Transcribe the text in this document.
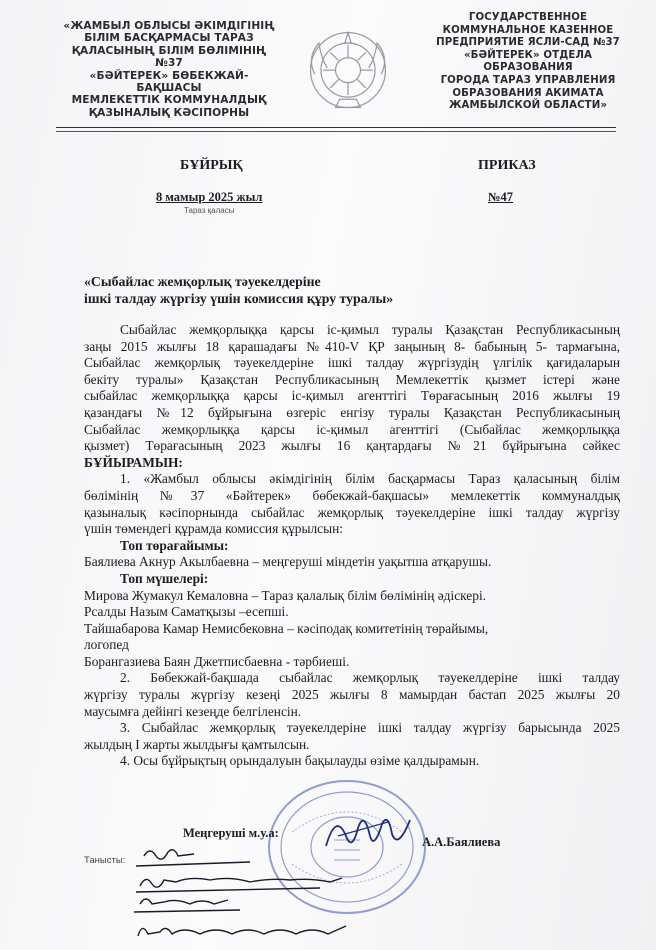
«ЖАМБЫЛ ОБЛЫСЫ ӘКІМДІГІНІҢ
БІЛІМ БАСҚАРМАСЫ ТАРАЗ
ҚАЛАСЫНЫҢ БІЛІМ БӨЛІМІНІҢ №37
«БӘЙТЕРЕК» БӨБЕКЖАЙ-БАҚШАСЫ
МЕМЛЕКЕТТІК КОММУНАЛДЫҚ
ҚАЗЫНАЛЫҚ КӘСІПОРНЫ
ГОСУДАРСТВЕННОЕ
КОММУНАЛЬНОЕ КАЗЕННОЕ
ПРЕДПРИЯТИЕ ЯСЛИ-САД №37
«БӘЙТЕРЕК» ОТДЕЛА ОБРАЗОВАНИЯ
ГОРОДА ТАРАЗ УПРАВЛЕНИЯ
ОБРАЗОВАНИЯ АКИМАТА
ЖАМБЫЛСКОЙ ОБЛАСТИ»
БҰЙРЫҚ	ПРИКАЗ
8 мамыр 2025 жыл
Тараз қаласы
№47
«Сыбайлас жемқорлық тәуекелдеріне
ішкі талдау жүргізу үшін комиссия құру туралы»
Сыбайлас жемқорлыққа қарсы іс-қимыл туралы Қазақстан Республикасының
заңы 2015 жылғы 18 қарашадағы №410-V ҚР заңының 8- бабының 5- тармағына,
Сыбайлас жемқорлық тәуекелдеріне ішкі талдау жүргізудің үлгілік қағидаларын
бекіту туралы» Қазақстан Республикасының Мемлекеттік қызмет істері және
сыбайлас жемқорлыққа қарсы іс-қимыл агенттігі Төрағасының 2016 жылғы 19
қазандағы №12 бұйрығына өзгеріс енгізу туралы Қазақстан Республикасының
Сыбайлас жемқорлыққа қарсы іс-қимыл агенттігі (Сыбайлас жемқорлыққа
қызмет) Төрағасының 2023 жылғы 16 қаңтардағы №21 бұйрығына сәйкес
БҰЙЫРАМЫН:
1. «Жамбыл облысы әкімдігінің білім басқармасы Тараз қаласының білім
бөлімінің №37 «Бәйтерек» бөбекжай-бақшасы» мемлекеттік коммуналдық
қазыналық кәсіпорнында сыбайлас жемқорлық тәуекелдеріне ішкі талдау жүргізу
үшін төмендегі құрамда комиссия құрылсын:
Топ төрағайымы:
Баялиева Акнур Акылбаевна – меңгеруші міндетін уақытша атқарушы.
Топ мүшелері:
Мирова Жумакул Кемаловна – Тараз қалалық білім бөлімінің әдіскері.
Рсалды Назым Саматқызы –есепші.
Тайшабарова Камар Немисбековна – кәсіподақ комитетінің төрайымы,
логопед
Борангазиева Баян Джетписбаевна - тәрбиеші.
2. Бөбекжай-бақшада сыбайлас жемқорлық тәуекелдеріне ішкі талдау
жүргізу туралы жүргізу кезеңі 2025 жылғы 8 мамырдан бастап 2025 жылғы 20
маусымға дейінгі кезеңде белгіленсін.
3. Сыбайлас жемқорлық тәуекелдеріне ішкі талдау жүргізу барысында 2025
жылдың I жарты жылдығы қамтылсын.
4. Осы бұйрықтың орындалуын бақылауды өзіме қалдырамын.
Меңгеруші м.у.а:
А.А.Баялиева
Танысты:
